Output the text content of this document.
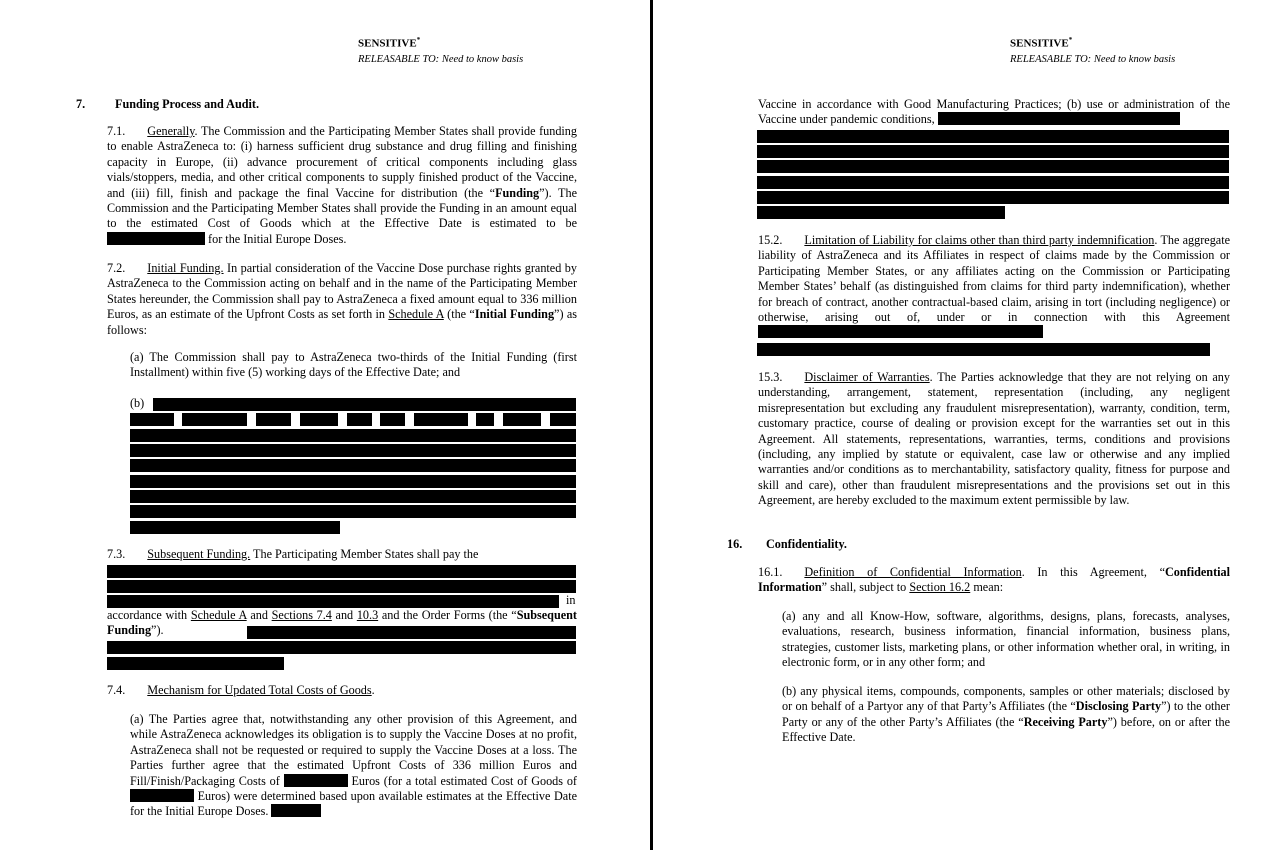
SENSITIVE*
RELEASABLE TO: Need to know basis
7. Funding Process and Audit.
7.1. Generally. The Commission and the Participating Member States shall provide funding to enable AstraZeneca to: (i) harness sufficient drug substance and drug filling and finishing capacity in Europe, (ii) advance procurement of critical components including glass vials/stoppers, media, and other critical components to supply finished product of the Vaccine, and (iii) fill, finish and package the final Vaccine for distribution (the “Funding”). The Commission and the Participating Member States shall provide the Funding in an amount equal to the estimated Cost of Goods which at the Effective Date is estimated to be  for the Initial Europe Doses.
7.2. Initial Funding. In partial consideration of the Vaccine Dose purchase rights granted by AstraZeneca to the Commission acting on behalf and in the name of the Participating Member States hereunder, the Commission shall pay to AstraZeneca a fixed amount equal to 336 million Euros, as an estimate of the Upfront Costs as set forth in Schedule A (the “Initial Funding”) as follows:
(a) The Commission shall pay to AstraZeneca two-thirds of the Initial Funding (first Installment) within five (5) working days of the Effective Date; and
(b)
7.3. Subsequent Funding. The Participating Member States shall pay the
in
accordance with Schedule A and Sections 7.4 and 10.3 and the Order Forms (the “Subsequent Funding”).
7.4. Mechanism for Updated Total Costs of Goods.
(a) The Parties agree that, notwithstanding any other provision of this Agreement, and while AstraZeneca acknowledges its obligation is to supply the Vaccine Doses at no profit, AstraZeneca shall not be requested or required to supply the Vaccine Doses at a loss. The Parties further agree that the estimated Upfront Costs of 336 million Euros and Fill/Finish/Packaging Costs of	Euros (for a total estimated Cost of Goods of  Euros) were determined based upon available estimates at the Effective Date for the Initial Europe Doses.
SENSITIVE*
RELEASABLE TO: Need to know basis
Vaccine in accordance with Good Manufacturing Practices; (b) use or administration of the Vaccine under pandemic conditions,
15.2. Limitation of Liability for claims other than third party indemnification. The aggregate liability of AstraZeneca and its Affiliates in respect of claims made by the Commission or Participating Member States, or any affiliates acting on the Commission or Participating Member States’ behalf (as distinguished from claims for third party indemnification), whether for breach of contract, another contractual-based claim, arising in tort (including negligence) or otherwise, arising out of, under or in connection with this Agreement
15.3. Disclaimer of Warranties. The Parties acknowledge that they are not relying on any understanding, arrangement, statement, representation (including, any negligent misrepresentation but excluding any fraudulent misrepresentation), warranty, condition, term, customary practice, course of dealing or provision except for the warranties set out in this Agreement. All statements, representations, warranties, terms, conditions and provisions (including, any implied by statute or equivalent, case law or otherwise and any implied warranties and/or conditions as to merchantability, satisfactory quality, fitness for purpose and skill and care), other than fraudulent misrepresentations and the provisions set out in this Agreement, are hereby excluded to the maximum extent permissible by law.
16. Confidentiality.
16.1. Definition of Confidential Information. In this Agreement, “Confidential Information” shall, subject to Section 16.2 mean:
(a) any and all Know-How, software, algorithms, designs, plans, forecasts, analyses, evaluations, research, business information, financial information, business plans, strategies, customer lists, marketing plans, or other information whether oral, in writing, in electronic form, or in any other form; and
(b) any physical items, compounds, components, samples or other materials; disclosed by or on behalf of a Partyor any of that Party’s Affiliates (the “Disclosing Party”) to the other Party or any of the other Party’s Affiliates (the “Receiving Party”) before, on or after the Effective Date.
